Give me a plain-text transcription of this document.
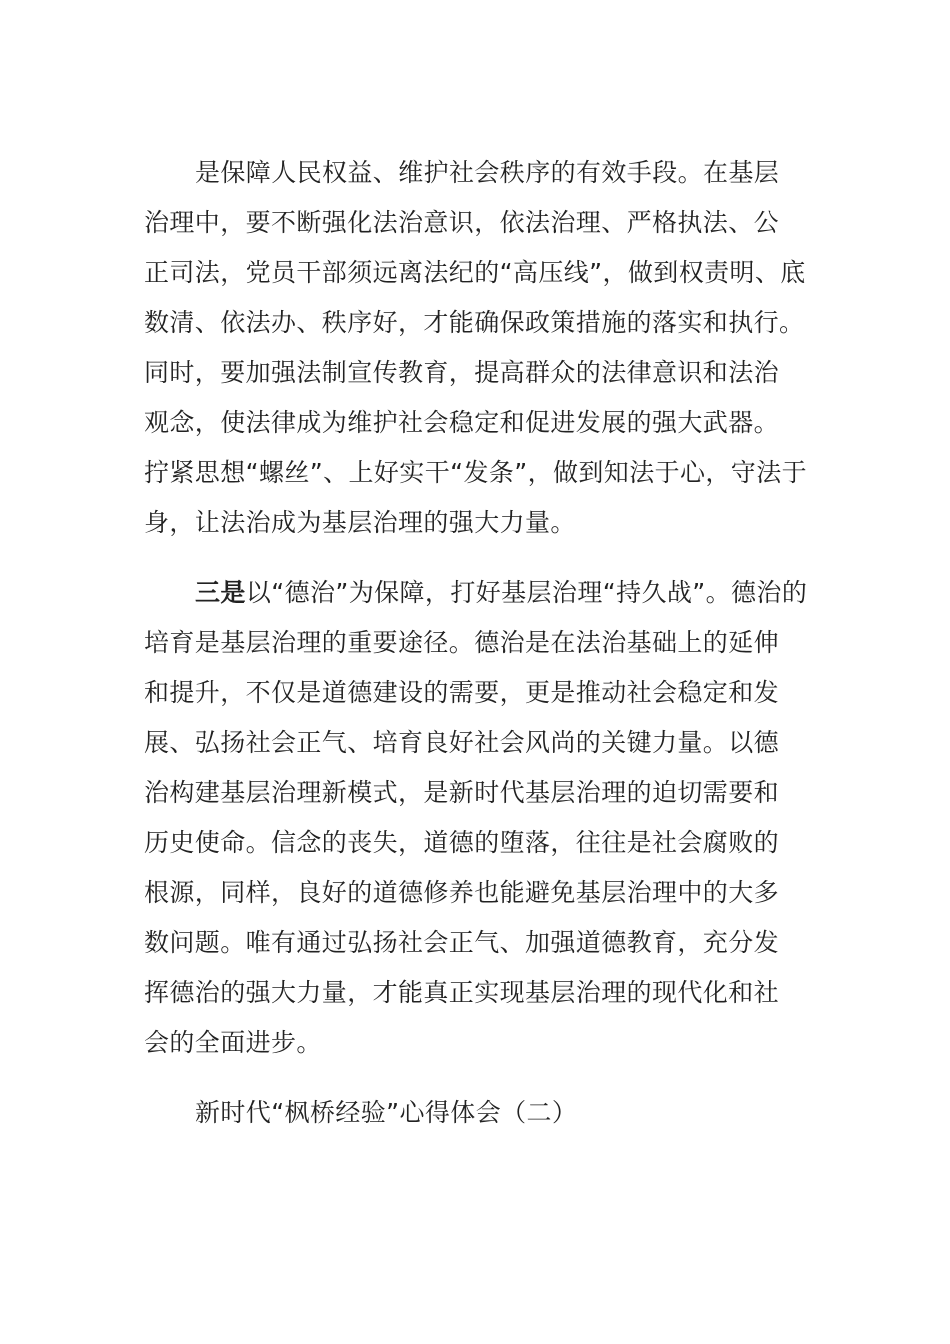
是保障人民权益、维护社会秩序的有效手段。在基层
治理中，要不断强化法治意识，依法治理、严格执法、公
正司法，党员干部须远离法纪的“高压线”，做到权责明、底
数清、依法办、秩序好，才能确保政策措施的落实和执行。
同时，要加强法制宣传教育，提高群众的法律意识和法治
观念，使法律成为维护社会稳定和促进发展的强大武器。
拧紧思想“螺丝”、上好实干“发条”，做到知法于心，守法于
身，让法治成为基层治理的强大力量。

三是以“德治”为保障，打好基层治理“持久战”。德治的
培育是基层治理的重要途径。德治是在法治基础上的延伸
和提升，不仅是道德建设的需要，更是推动社会稳定和发
展、弘扬社会正气、培育良好社会风尚的关键力量。以德
治构建基层治理新模式，是新时代基层治理的迫切需要和
历史使命。信念的丧失，道德的堕落，往往是社会腐败的
根源，同样，良好的道德修养也能避免基层治理中的大多
数问题。唯有通过弘扬社会正气、加强道德教育，充分发
挥德治的强大力量，才能真正实现基层治理的现代化和社
会的全面进步。

新时代“枫桥经验”心得体会（二）
